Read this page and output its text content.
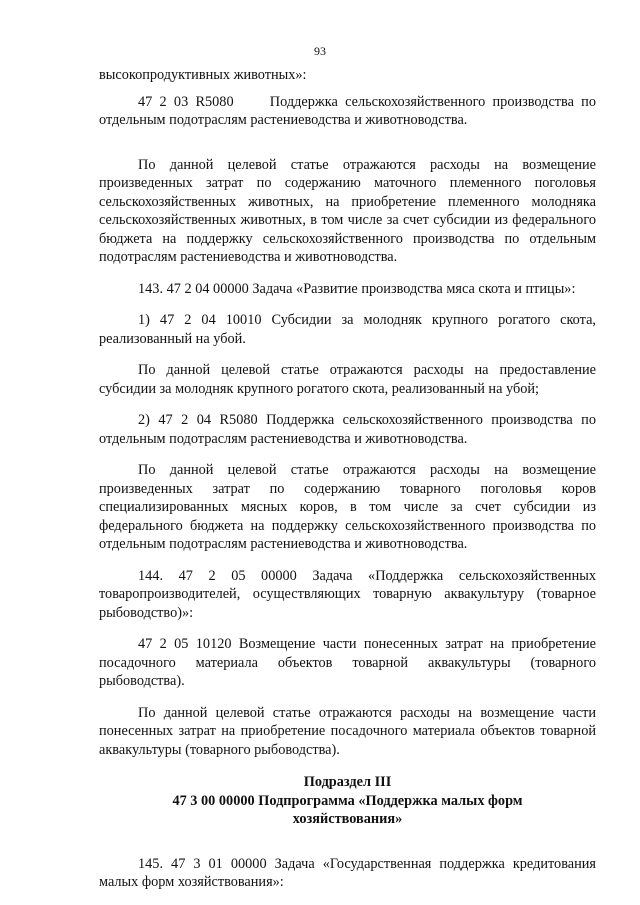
93

высокопродуктивных животных»:

47 2 03 R5080     Поддержка сельскохозяйственного производства по отдельным подотраслям растениеводства и животноводства.

По данной целевой статье отражаются расходы на возмещение произведенных затрат по содержанию маточного племенного поголовья сельскохозяйственных животных, на приобретение племенного молодняка сельскохозяйственных животных, в том числе за счет субсидии из федерального бюджета на поддержку сельскохозяйственного производства по отдельным подотраслям растениеводства и животноводства.

143. 47 2 04 00000 Задача «Развитие производства мяса скота и птицы»:

1) 47 2 04 10010 Субсидии за молодняк крупного рогатого скота, реализованный на убой.

По данной целевой статье отражаются расходы на предоставление субсидии за молодняк крупного рогатого скота, реализованный на убой;

2) 47 2 04 R5080 Поддержка сельскохозяйственного производства по отдельным подотраслям растениеводства и животноводства.

По данной целевой статье отражаются расходы на возмещение произведенных затрат по содержанию товарного поголовья коров специализированных мясных коров, в том числе за счет субсидии из федерального бюджета на поддержку сельскохозяйственного производства по отдельным подотраслям растениеводства и животноводства.

144. 47 2 05 00000 Задача «Поддержка сельскохозяйственных товаропроизводителей, осуществляющих товарную аквакультуру (товарное рыбоводство)»:

47 2 05 10120 Возмещение части понесенных затрат на приобретение посадочного материала объектов товарной аквакультуры (товарного рыбоводства).

По данной целевой статье отражаются расходы на возмещение части понесенных затрат на приобретение посадочного материала объектов товарной аквакультуры (товарного рыбоводства).

Подраздел III
47 3 00 00000 Подпрограмма «Поддержка малых форм
хозяйствования»

145. 47 3 01 00000 Задача «Государственная поддержка кредитования малых форм хозяйствования»:
